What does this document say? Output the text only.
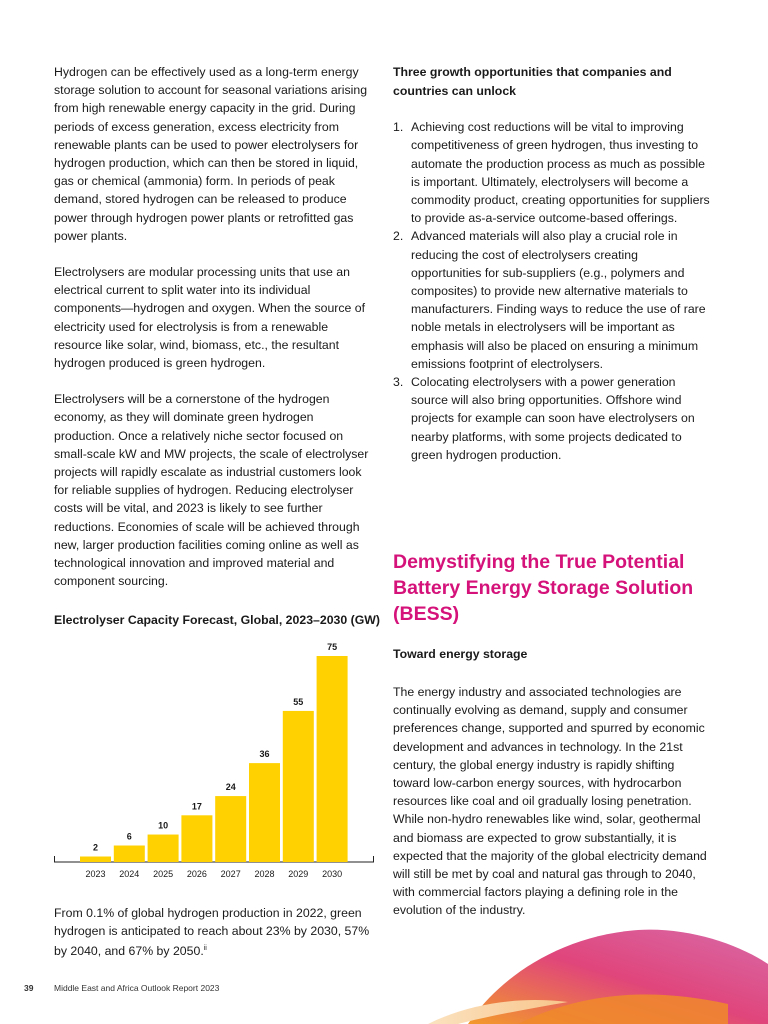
Hydrogen can be effectively used as a long-term energy storage solution to account for seasonal variations arising from high renewable energy capacity in the grid. During periods of excess generation, excess electricity from renewable plants can be used to power electrolysers for hydrogen production, which can then be stored in liquid, gas or chemical (ammonia) form. In periods of peak demand, stored hydrogen can be released to produce power through hydrogen power plants or retrofitted gas power plants.

Electrolysers are modular processing units that use an electrical current to split water into its individual components—hydrogen and oxygen. When the source of electricity used for electrolysis is from a renewable resource like solar, wind, biomass, etc., the resultant hydrogen produced is green hydrogen.

Electrolysers will be a cornerstone of the hydrogen economy, as they will dominate green hydrogen production. Once a relatively niche sector focused on small-scale kW and MW projects, the scale of electrolyser projects will rapidly escalate as industrial customers look for reliable supplies of hydrogen. Reducing electrolyser costs will be vital, and 2023 is likely to see further reductions. Economies of scale will be achieved through new, larger production facilities coming online as well as technological innovation and improved material and component sourcing.

Electrolyser Capacity Forecast, Global, 2023–2030 (GW)

2
2023
6
2024
10
2025
17
2026
24
2027
36
2028
55
2029
75
2030

From 0.1% of global hydrogen production in 2022, green hydrogen is anticipated to reach about 23% by 2030, 57% by 2040, and 67% by 2050.$^{ii}$

Three growth opportunities that companies and countries can unlock

1. Achieving cost reductions will be vital to improving competitiveness of green hydrogen, thus investing to automate the production process as much as possible is important. Ultimately, electrolysers will become a commodity product, creating opportunities for suppliers to provide as-a-service outcome-based offerings.
2. Advanced materials will also play a crucial role in reducing the cost of electrolysers creating opportunities for sub-suppliers (e.g., polymers and composites) to provide new alternative materials to manufacturers. Finding ways to reduce the use of rare noble metals in electrolysers will be important as emphasis will also be placed on ensuring a minimum emissions footprint of electrolysers.
3. Colocating electrolysers with a power generation source will also bring opportunities. Offshore wind projects for example can soon have electrolysers on nearby platforms, with some projects dedicated to green hydrogen production.
Demystifying the True Potential Battery Energy Storage Solution (BESS)

Toward energy storage

The energy industry and associated technologies are continually evolving as demand, supply and consumer preferences change, supported and spurred by economic development and advances in technology. In the 21st century, the global energy industry is rapidly shifting toward low-carbon energy sources, with hydrocarbon resources like coal and oil gradually losing penetration. While non-hydro renewables like wind, solar, geothermal and biomass are expected to grow substantially, it is expected that the majority of the global electricity demand will still be met by coal and natural gas through to 2040, with commercial factors playing a defining role in the evolution of the industry.

39 Middle East and Africa Outlook Report 2023
